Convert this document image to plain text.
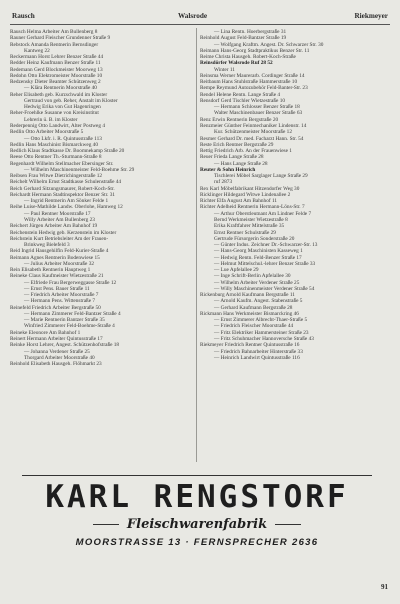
Rausch	Walsrode	Riekmeyer
Rausch Helma Arbeiter Am Bullenberg 8
Rauner Gerhard Fleischer Grundenner Straße 9
Rebstock Amanda Rentnerin Bernsdinger
Kantweg 22
Reckermann Horst Lehrer Benzer Straße 44
Redder Heinz Kaufmann Benzer Straße 11
Redemann Gerd Blockmeister Moorweg 13
Redohn Otto Elektromeister Moorstraße 10
Redzensky Dieter Beamter Schützenweg 2
— Klära Rentnerin Moorstraße 40
Reher Elisabeth geb. Kurzschwald im Kloster
Gertraud von geb. Reher, Anstalt im Kloster
Hedwig Erika von Gut Hagenringen
Reher-Froehlke Susanne von Kreisinstitut
Lehrerin ü. B. im Kloster
Rederpennig Otto Landwirt, Alter Postweg 4
Redlin Otto Arbeiter Moorstraße 5
— Otto Lkfr. i. R. Quintusstraße 113
Redlin Hans Maschinist Bismarckweg 40
Redlich Klaus Stadtkasse Dr. Boomnekamp Straße 20
Reese Otto Rentner Th.-Sturmann-Straße 8
Regenhardt Wilhelm Stellmacher Ebersinger Str.
— Wilhelm Maschinenmeister Feld-Boehme Str. 29
Reibsen Frau Witwe Dietrichingerstraße 12
Reichelt Wilhelm Ernst Stadtkasse Schulenstraße 44
Reich Gerhard Sitzungsmaurer, Robert-Koch-Str.
Reichardt Hermann Stadtinspektor Benzer Str. 31
— Ingrid Rentnerin Am Sönker Felde 1
Reihe Luise-Mathilde Landw. Oberlohe, Hamweg 12
— Paul Rentner Moorstraße 17
Willy Arbeiter Am Bullenberg 23
Reichert Jürgen Arbeiter Am Bahnhof 19
Reichenstein Hedwig geb. Kerzenstein im Kloster
Reichstein Kurt Betriebsleiter Am der Frauen-
Brinkweg Bielefeld 3
Reid Ingrid Hausgehilfin Feld-Kurier-Straße 4
Reimann Agnes Rentnerin Bodenwiese 15
— Julius Arbeiter Moorstraße 32
Rein Elisabeth Rentnerin Hauptweg 1
Reineke Claus Kaufmeister Wietzestraße 21
— Elfriede Frau Bergerweggasse Straße 12
— Ernst Pens. Bauer Straße 11
— Friedrich Arbeiter Moorstraße 7
— Hermann Pens. Wittenstraße 7
Reinefeld Friedrich Arbeiter Bergstraße 50
— Hermann Zimmerer Feld-Bantzer Straße 4
— Marie Rentnerin Bantzer Straße 35
Winfried Zimmerer Feld-Boehme-Straße 4
Reineke Eleonore Am Bahnhof 1
Reinert Hermann Arbeiter Quintusstraße 17
Reinke Horst Lehrer, Angest. Schützenhofstraße 18
— Johanna Verdener Straße 25
Thorgard Arbeiter Moorstraße 40
Reinhold Elisabeth Hausgeh. Flöhmarkt 23
— Lina Rentn. Hoerbergstraße 31
Reinhold August Feld-Bantzer Straße 19
— Wolfgang Kraftm. Angest. Dr. Schwarzer Str. 30
Reimann Hans-Georg Stadtpraktikus Benzer Str. 11
Reime Christa Hausgeh. Robert-Koch-Straße
Reinsdörfer Walsrode Ruf 28 52
Winter 11
Reinsma Werner Maurerarb. Cordinger Straße 14
Reitbaum Hans Stuhlstraße Hammerstraße 10
Rempe Reymund Autozubehör Feld-Banter-Str. 23
Rendel Helene Rentn. Lange Straße 4
Rensdorf Gerd Tischler Wietzestraße 10
— Hermann Schlosser Benzer Straße 18
Walter Maschinenbauer Benzer Straße 63
Renz Erwin Rentnerin Bergstraße 20
Renzmeier Günther Feinmechaniker Lindenstr. 14
Kur. Schützenmeister Moorstraße 12
Resmer Gerhard Dr. med. Facharzt Hann. Str. 54
Reste Erich Rentner Bergstraße 29
Rettig Friedrich Arb. An der Frauenwiese 1
Reuer Frieda Lange Straße 28
— Hans Lange Straße 28
Reuter & Sohn Heinrich
Tischlerei Möbel Sarglager Lange Straße 29
ruf 2873
Rex Karl Möbelfabrikant Hitzendorfer Weg 30
Ricklinger Hildegard Witwe Lindenallee 2
Richter Elfa August Am Bahnhof 11
Richter Adelheid Rentnerin Hermann-Löns-Str. 7
— Arthur Oberstleutnant Am Lindner Felde 7
Bernd Werkmeister Wietzestraße 8
Erika Kraftfahrer Mittelstraße 35
Ernst Rentner Schulstraße 29
Gertrude Fürsorgerin Sonderstraße 20
— Günter Indus. Zeichner Dr.-Schwarzer-Str. 13
— Hans-Georg Maschinisten Kasseweg 1
— Hedwig Rentn. Feld-Benzer Straße 17
— Helmut Mittelschul.-lehrer Benzer Straße 33
— Lue Apfelallee 29
— Inge Schrift-Berlin Apfelallee 30
— Wilhelm Arbeiter Verdener Straße 25
— Willy Maschinenmeister Verdener Straße 54
Rickenburg Arnold Kaufmann Bergstraße 11
— Arnold Kaufm. Angest. Stabenstraße 5
— Gerhard Kaufmann Bergstraße 28
Rickmann Hans Werkmeister Bismarckring 46
— Ernst Zimmerer Albrecht-Thaer-Straße 5
— Friedrich Fleischer Moorstraße 44
— Fritz Elektriker Hammersteiner Straße 23
— Fritz Schuhmacher Hannoversche Straße 43
Riekmeyer Friedrich Rentner Quintusstraße 16
— Friedrich Bahnarbeiter Hinterstraße 33
— Heinrich Landwirt Quintusstraße 116
KARL RENGSTORF
Fleischwarenfabrik
MOORSTRASSE 13 · FERNSPRECHER 2636
91
